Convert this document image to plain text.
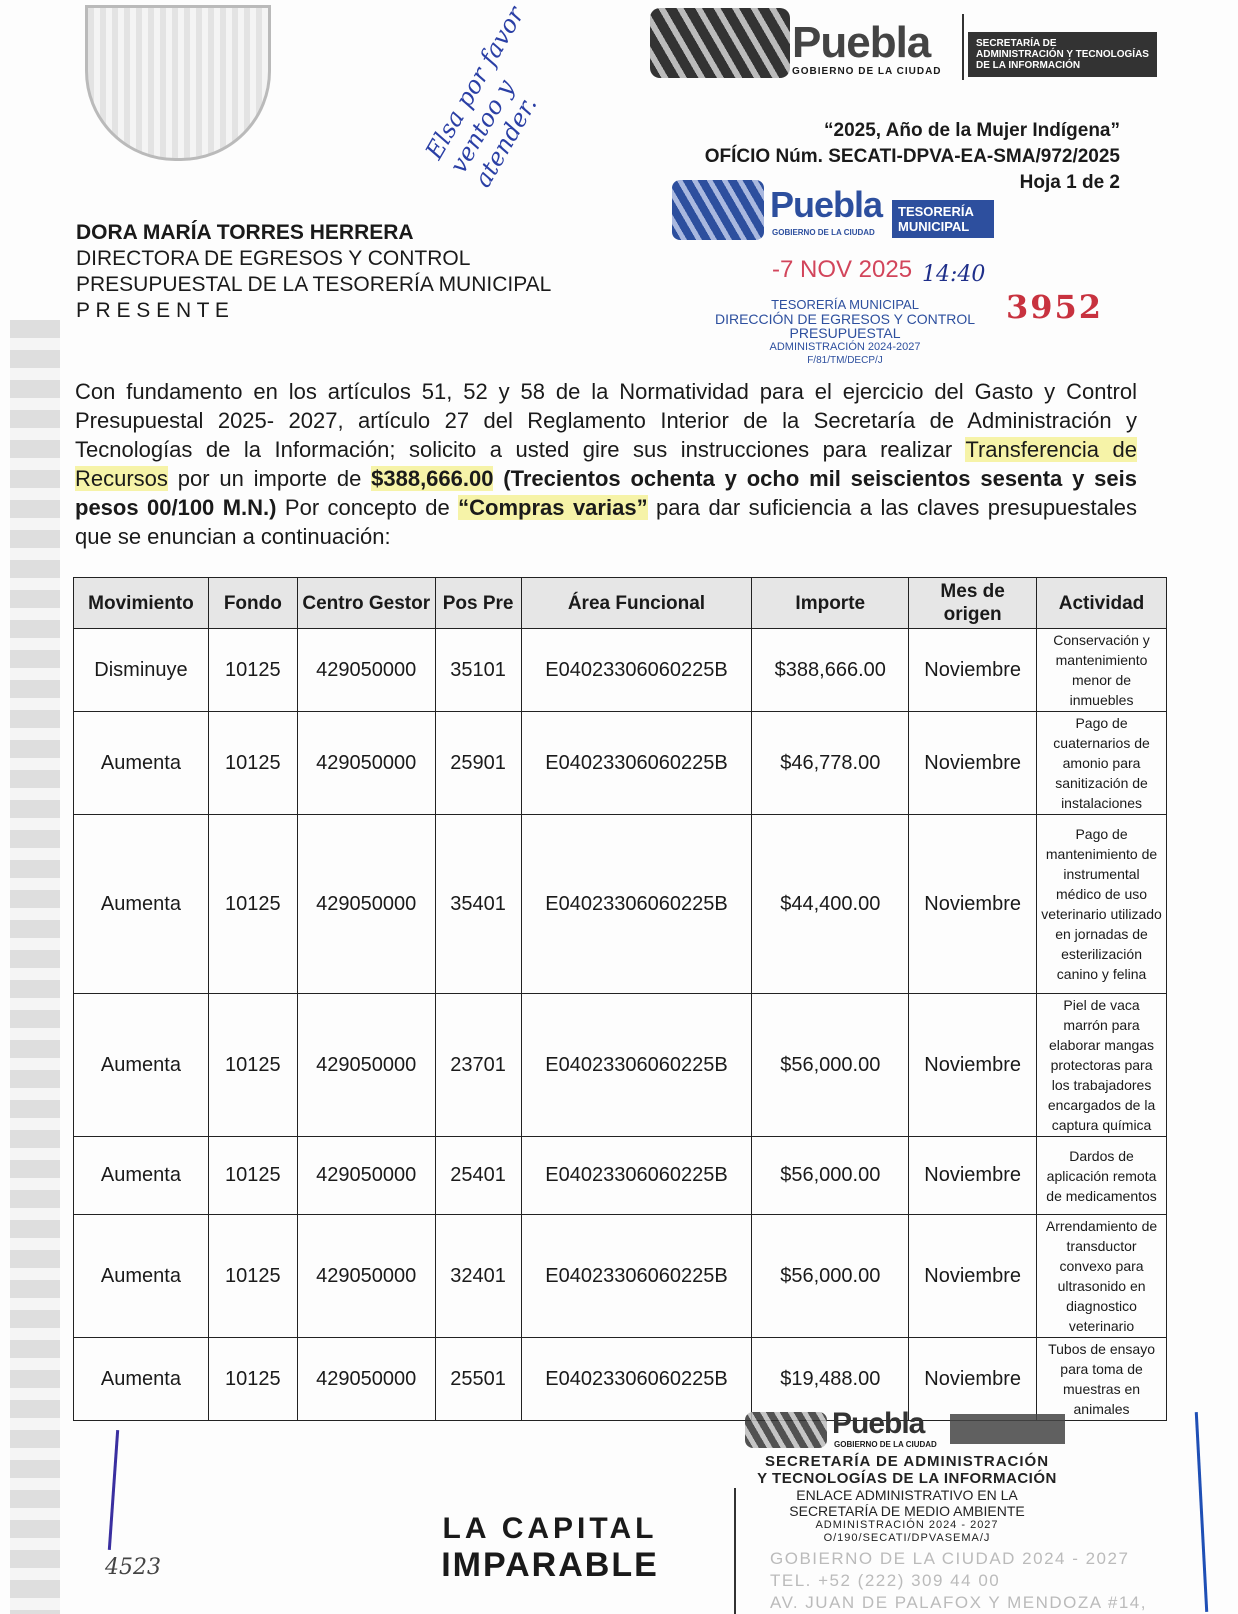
Puebla
GOBIERNO DE LA CIUDAD
SECRETARÍA DE
ADMINISTRACIÓN Y TECNOLOGÍAS
DE LA INFORMACIÓN
Elsa por favor ventoo y atender.	“2025, Año de la Mujer Indígena”
OFÍCIO Núm. SECATI-DPVA-EA-SMA/972/2025
Hoja 1 de 2
Puebla	TESORERÍA MUNICIPAL
GOBIERNO DE LA CIUDAD
-7 NOV 2025 14:40
TESORERÍA MUNICIPAL
DIRECCIÓN DE EGRESOS Y CONTROL
PRESUPUESTAL
ADMINISTRACIÓN 2024-2027
F/81/TM/DECP/J
3952
DORA MARÍA TORRES HERRERA
DIRECTORA DE EGRESOS Y CONTROL
PRESUPUESTAL DE LA TESORERÍA MUNICIPAL
P R E S E N T E
Con fundamento en los artículos 51, 52 y 58 de la Normatividad para el ejercicio del Gasto y Control Presupuestal 2025- 2027, artículo 27 del Reglamento Interior de la Secretaría de Administración y Tecnologías de la Información; solicito a usted gire sus instrucciones para realizar Transferencia de Recursos por un importe de $388,666.00 (Trecientos ochenta y ocho mil seiscientos sesenta y seis pesos 00/100 M.N.) Por concepto de “Compras varias” para dar suficiencia a las claves presupuestales que se enuncian a continuación:
Movimiento	Fondo	Centro Gestor	Pos Pre	Área Funcional	Importe	Mes de origen	Actividad
Disminuye	10125	429050000	35101	E04023306060225B	$388,666.00	Noviembre	Conservación y mantenimiento menor de inmuebles
Aumenta	10125	429050000	25901	E04023306060225B	$46,778.00	Noviembre	Pago de cuaternarios de amonio para sanitización de instalaciones
Aumenta	10125	429050000	35401	E04023306060225B	$44,400.00	Noviembre	Pago de mantenimiento de instrumental médico de uso veterinario utilizado en jornadas de esterilización canino y felina
Aumenta	10125	429050000	23701	E04023306060225B	$56,000.00	Noviembre	Piel de vaca marrón para elaborar mangas protectoras para los trabajadores encargados de la captura química
Aumenta	10125	429050000	25401	E04023306060225B	$56,000.00	Noviembre	Dardos de aplicación remota de medicamentos
Aumenta	10125	429050000	32401	E04023306060225B	$56,000.00	Noviembre	Arrendamiento de transductor convexo para ultrasonido en diagnostico veterinario
Aumenta	10125	429050000	25501	E04023306060225B	$19,488.00	Noviembre	Tubos de ensayo para toma de muestras en animales
Puebla
GOBIERNO DE LA CIUDAD
SECRETARÍA DE ADMINISTRACIÓN
Y TECNOLOGÍAS DE LA INFORMACIÓN
ENLACE ADMINISTRATIVO EN LA
SECRETARÍA DE MEDIO AMBIENTE
ADMINISTRACIÓN 2024 - 2027
O/190/SECATI/DPVASEMA/J
4523
LA CAPITAL
IMPARABLE	GOBIERNO DE LA CIUDAD 2024 - 2027
TEL. +52 (222) 309 44 00
AV. JUAN DE PALAFOX Y MENDOZA #14,
